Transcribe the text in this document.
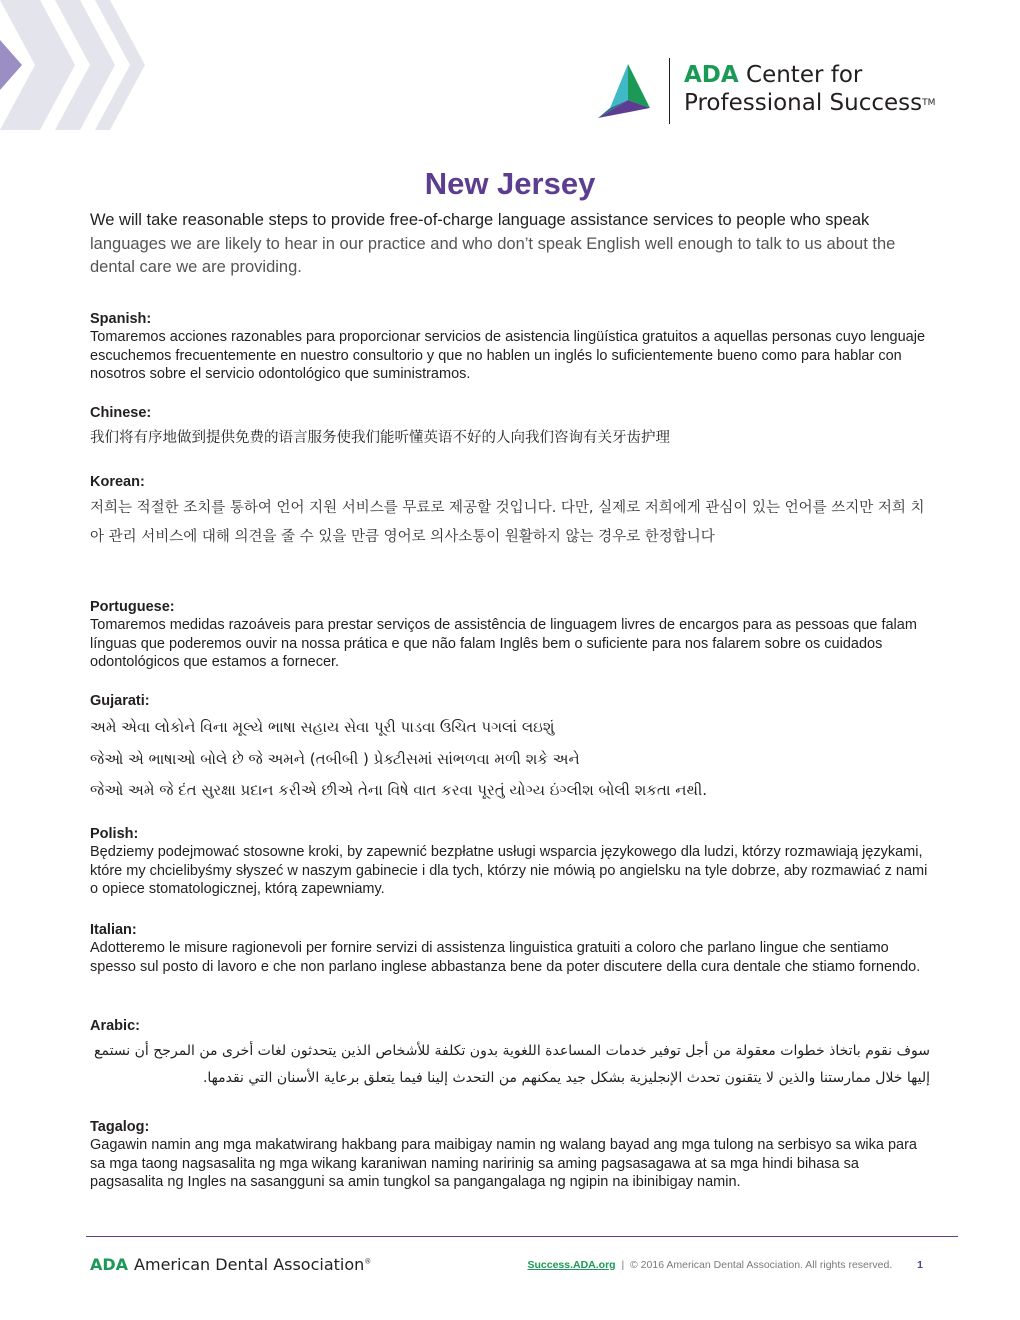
ADA Center for
Professional Success™
New Jersey

We will take reasonable steps to provide free-of-charge language assistance services to people who speak languages we are likely to hear in our practice and who don’t speak English well enough to talk to us about the dental care we are providing.

Spanish:

Tomaremos acciones razonables para proporcionar servicios de asistencia lingüística gratuitos a aquellas personas cuyo lenguaje escuchemos frecuentemente en nuestro consultorio y que no hablen un inglés lo suficientemente bueno como para hablar con nosotros sobre el servicio odontológico que suministramos.

Chinese:

我们将有序地做到提供免费的语言服务使我们能听懂英语不好的人向我们咨询有关牙齿护理

Korean:

저희는 적절한 조치를 통하여 언어 지원 서비스를 무료로 제공할 것입니다. 다만, 실제로 저희에게 관심이 있는 언어를 쓰지만 저희 치아 관리 서비스에 대해 의견을 줄 수 있을 만큼 영어로 의사소통이 원활하지 않는 경우로 한정합니다

Portuguese:

Tomaremos medidas razoáveis para prestar serviços de assistência de linguagem livres de encargos para as pessoas que falam línguas que poderemos ouvir na nossa prática e que não falam Inglês bem o suficiente para nos falarem sobre os cuidados odontológicos que estamos a fornecer.

Gujarati:

અમે એવા લોકોને વિના મૂલ્યે ભાષા સહાય સેવા પૂરી પાડવા ઉચિત પગલાં લઇશું
જેઓ એ ભાષાઓ બોલે છે જે અમને (તબીબી ) પ્રેક્ટીસમાં સાંભળવા મળી શકે અને
જેઓ અમે જે દંત સુરક્ષા પ્રદાન કરીએ છીએ તેના વિષે વાત કરવા પૂરતું યોગ્ય ઇંગ્લીશ બોલી શકતા નથી.

Polish:

Będziemy podejmować stosowne kroki, by zapewnić bezpłatne usługi wsparcia językowego dla ludzi, którzy rozmawiają językami, które my chcielibyśmy słyszeć w naszym gabinecie i dla tych, którzy nie mówią po angielsku na tyle dobrze, aby rozmawiać z nami o opiece stomatologicznej, którą zapewniamy.

Italian:

Adotteremo le misure ragionevoli per fornire servizi di assistenza linguistica gratuiti a coloro che parlano lingue che sentiamo spesso sul posto di lavoro e che non parlano inglese abbastanza bene da poter discutere della cura dentale che stiamo fornendo.

Arabic:

سوف نقوم باتخاذ خطوات معقولة من أجل توفير خدمات المساعدة اللغوية بدون تكلفة للأشخاص الذين يتحدثون لغات أخرى من المرجح أن نستمع إليها خلال ممارستنا والذين لا يتقنون تحدث الإنجليزية بشكل جيد يمكنهم من التحدث إلينا فيما يتعلق برعاية الأسنان التي نقدمها.

Tagalog:

Gagawin namin ang mga makatwirang hakbang para maibigay namin ng walang bayad ang mga tulong na serbisyo sa wika para sa mga taong nagsasalita ng mga wikang karaniwan naming naririnig sa aming pagsasagawa at sa mga hindi bihasa sa pagsasalita ng Ingles na sasangguni sa amin tungkol sa pangangalaga ng ngipin na ibinibigay namin.

ADA American Dental Association®	Success.ADA.org | © 2016 American Dental Association. All rights reserved. 1
